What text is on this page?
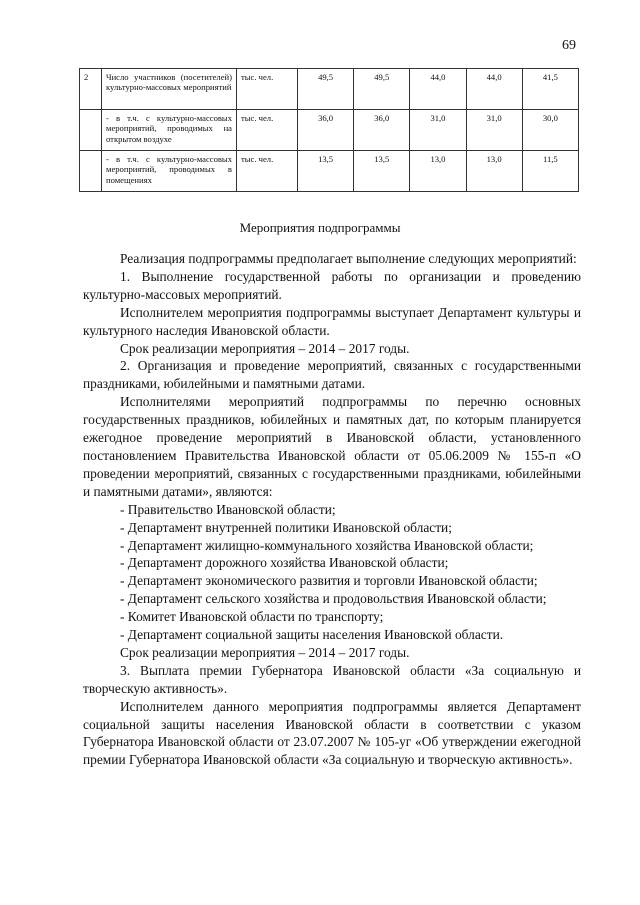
69
2	Число участников (посетителей) культурно-массовых мероприятий	тыс. чел.	49,5	49,5	44,0	44,0	41,5
	- в т.ч. с культурно-массовых мероприятий, проводимых на открытом воздухе	тыс. чел.	36,0	36,0	31,0	31,0	30,0
	- в т.ч. с культурно-массовых мероприятий, проводимых в помещениях	тыс. чел.	13,5	13,5	13,0	13,0	11,5
Мероприятия подпрограммы

Реализация подпрограммы предполагает выполнение следующих мероприятий:

1. Выполнение государственной работы по организации и проведению культурно-массовых мероприятий.

Исполнителем мероприятия подпрограммы выступает Департамент культуры и культурного наследия Ивановской области.

Срок реализации мероприятия – 2014 – 2017 годы.

2. Организация и проведение мероприятий, связанных с государственными праздниками, юбилейными и памятными датами.

Исполнителями мероприятий подпрограммы по перечню основных государственных праздников, юбилейных и памятных дат, по которым планируется ежегодное проведение мероприятий в Ивановской области, установленного постановлением Правительства Ивановской области от 05.06.2009 № 155-п «О проведении мероприятий, связанных с государственными праздниками, юбилейными и памятными датами», являются:

- Правительство Ивановской области;

- Департамент внутренней политики Ивановской области;

- Департамент жилищно-коммунального хозяйства Ивановской области;

- Департамент дорожного хозяйства Ивановской области;

- Департамент экономического развития и торговли Ивановской области;

- Департамент сельского хозяйства и продовольствия Ивановской области;

- Комитет Ивановской области по транспорту;

- Департамент социальной защиты населения Ивановской области.

Срок реализации мероприятия – 2014 – 2017 годы.

3. Выплата премии Губернатора Ивановской области «За социальную и творческую активность».

Исполнителем данного мероприятия подпрограммы является Департамент социальной защиты населения Ивановской области в соответствии с указом Губернатора Ивановской области от 23.07.2007 № 105-уг «Об утверждении ежегодной премии Губернатора Ивановской области «За социальную и творческую активность».
